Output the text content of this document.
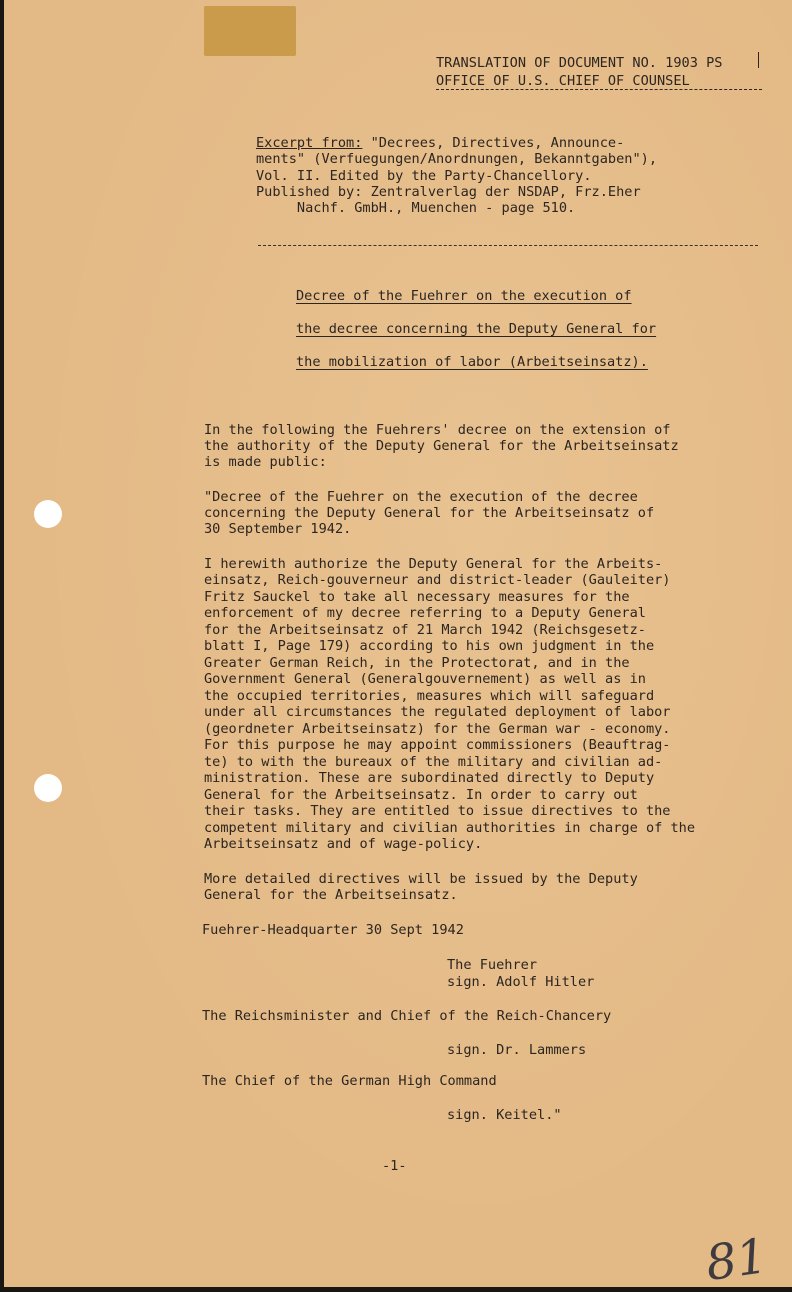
TRANSLATION OF DOCUMENT NO. 1903 PS
OFFICE OF U.S. CHIEF OF COUNSEL
Excerpt from: "Decrees, Directives, Announce-
ments" (Verfuegungen/Anordnungen, Bekanntgaben"),
Vol. II. Edited by the Party-Chancellory.
Published by: Zentralverlag der NSDAP, Frz.Eher
Nachf. GmbH., Muenchen - page 510.
Decree of the Fuehrer on the execution of
the decree concerning the Deputy General for
the mobilization of labor (Arbeitseinsatz).
In the following the Fuehrers' decree on the extension of
the authority of the Deputy General for the Arbeitseinsatz
is made public:
"Decree of the Fuehrer on the execution of the decree
concerning the Deputy General for the Arbeitseinsatz of
30 September 1942.
I herewith authorize the Deputy General for the Arbeits-
einsatz, Reich-gouverneur and district-leader (Gauleiter)
Fritz Sauckel to take all necessary measures for the
enforcement of my decree referring to a Deputy General
for the Arbeitseinsatz of 21 March 1942 (Reichsgesetz-
blatt I, Page 179) according to his own judgment in the
Greater German Reich, in the Protectorat, and in the
Government General (Generalgouvernement) as well as in
the occupied territories, measures which will safeguard
under all circumstances the regulated deployment of labor
(geordneter Arbeitseinsatz) for the German war - economy.
For this purpose he may appoint commissioners (Beauftrag-
te) to with the bureaux of the military and civilian ad-
ministration. These are subordinated directly to Deputy
General for the Arbeitseinsatz. In order to carry out
their tasks. They are entitled to issue directives to the
competent military and civilian authorities in charge of the
Arbeitseinsatz and of wage-policy.
More detailed directives will be issued by the Deputy
General for the Arbeitseinsatz.
Fuehrer-Headquarter 30 Sept 1942
The Fuehrer
sign. Adolf Hitler
The Reichsminister and Chief of the Reich-Chancery
sign. Dr. Lammers
The Chief of the German High Command
sign. Keitel."
-1-
81
